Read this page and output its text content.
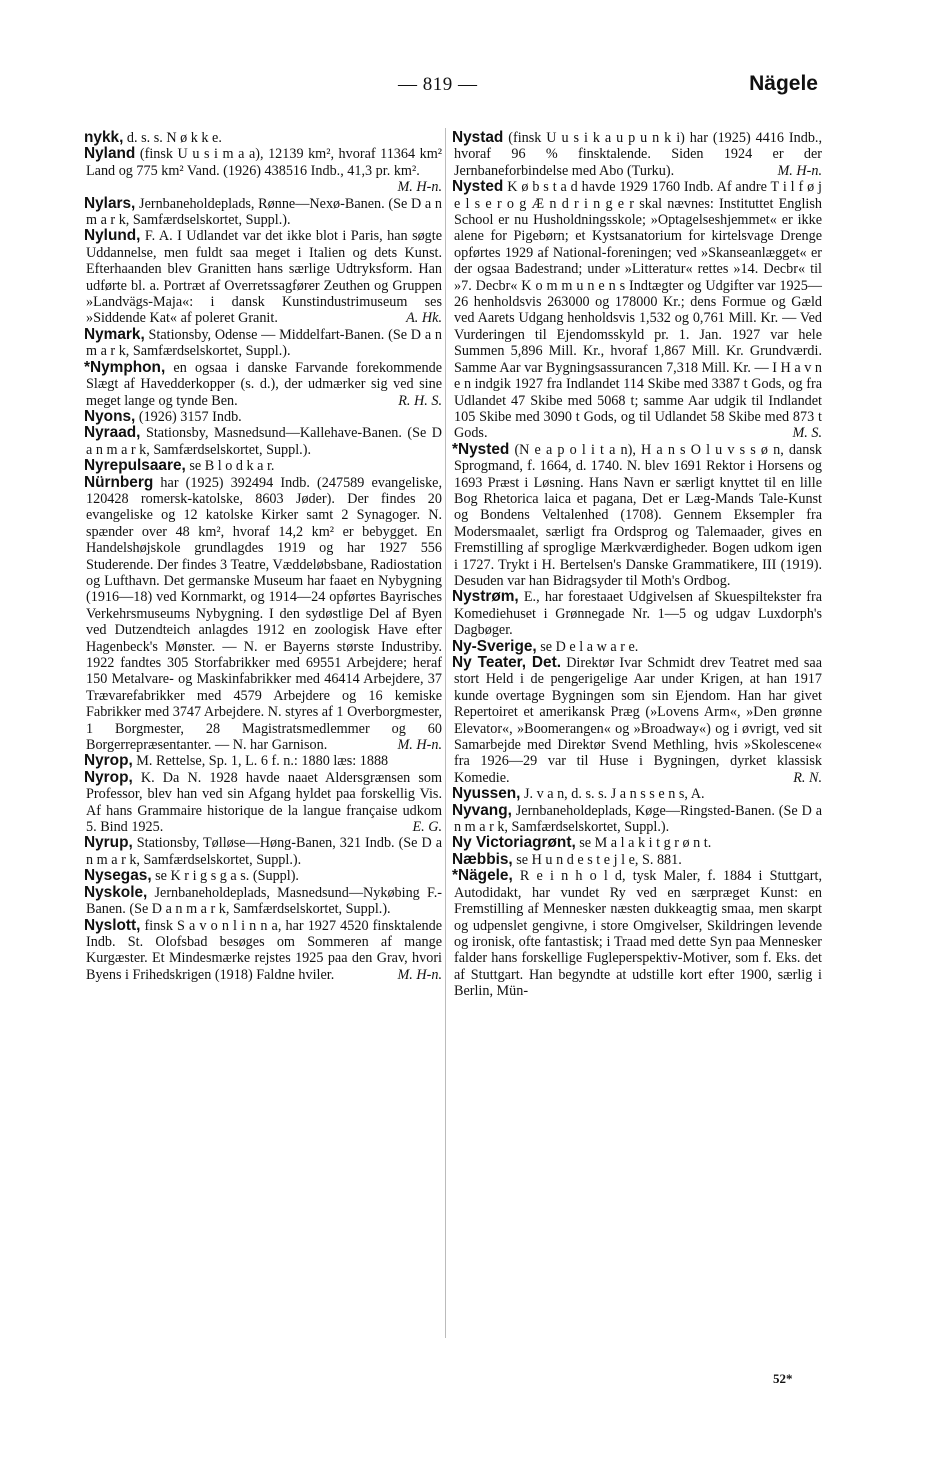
— 819 —	Nägele

nykk, d. s. s. N ø k k e.

Nyland (finsk U u s i m a a), 12139 km², hvoraf 11364 km² Land og 775 km² Vand. (1926) 438516 Indb., 41,3 pr. km².
M. H-n.

Nylars, Jernbaneholdeplads, Rønne—Nexø-Banen. (Se D a n m a r k, Samfærdselskortet, Suppl.).

Nylund, F. A. I Udlandet var det ikke blot i Paris, han søgte Uddannelse, men fuldt saa meget i Italien og dets Kunst. Efterhaanden blev Granitten hans særlige Udtryksform. Han udførte bl. a. Portræt af Overretssagfører Zeuthen og Gruppen »Landvägs-Maja«: i dansk Kunstindustrimuseum ses »Siddende Kat« af poleret Granit.	A. Hk.

Nymark, Stationsby, Odense — Middelfart-Banen. (Se D a n m a r k, Samfærdselskortet, Suppl.).

*Nymphon, en ogsaa i danske Farvande forekommende Slægt af Havedderkopper (s. d.), der udmærker sig ved sine meget lange og tynde Ben.	R. H. S.

Nyons, (1926) 3157 Indb.

Nyraad, Stationsby, Masnedsund—Kallehave-Banen. (Se D a n m a r k, Samfærdselskortet, Suppl.).

Nyrepulsaare, se B l o d k a r.

Nürnberg har (1925) 392494 Indb. (247589 evangeliske, 120428 romersk-katolske, 8603 Jøder). Der findes 20 evangeliske og 12 katolske Kirker samt 2 Synagoger. N. spænder over 48 km², hvoraf 14,2 km² er bebygget. En Handelshøjskole grundlagdes 1919 og har 1927 556 Studerende. Der findes 3 Teatre, Væddeløbsbane, Radiostation og Lufthavn. Det germanske Museum har faaet en Nybygning (1916—18) ved Kornmarkt, og 1914—24 opførtes Bayrisches Verkehrsmuseums Nybygning. I den sydøstlige Del af Byen ved Dutzendteich anlagdes 1912 en zoologisk Have efter Hagenbeck's Mønster. — N. er Bayerns største Industriby. 1922 fandtes 305 Storfabrikker med 69551 Arbejdere; heraf 150 Metalvare- og Maskinfabrikker med 46414 Arbejdere, 37 Trævarefabrikker med 4579 Arbejdere og 16 kemiske Fabrikker med 3747 Arbejdere. N. styres af 1 Overborgmester, 1 Borgmester, 28 Magistratsmedlemmer og 60 Borgerrepræsentanter. — N. har Garnison.	M. H-n.

Nyrop, M. Rettelse, Sp. 1, L. 6 f. n.: 1880 læs: 1888

Nyrop, K. Da N. 1928 havde naaet Aldersgrænsen som Professor, blev han ved sin Afgang hyldet paa forskellig Vis. Af hans Grammaire historique de la langue française udkom 5. Bind 1925.	E. G.

Nyrup, Stationsby, Tølløse—Høng-Banen, 321 Indb. (Se D a n m a r k, Samfærdselskortet, Suppl.).

Nysegas, se K r i g s g a s. (Suppl).

Nyskole, Jernbaneholdeplads, Masnedsund—Nykøbing F.- Banen. (Se D a n m a r k, Samfærdselskortet, Suppl.).

Nyslott, finsk S a v o n l i n n a, har 1927 4520 finsktalende Indb. St. Olofsbad besøges om Sommeren af mange Kurgæster. Et Mindesmærke rejstes 1925 paa den Grav, hvori Byens i Frihedskrigen (1918) Faldne hviler.	M. H-n.

Nystad (finsk U u s i k a u p u n k i) har (1925) 4416 Indb., hvoraf 96 % finsktalende. Siden 1924 er der Jernbaneforbindelse med Abo (Turku).	M. H-n.

Nysted K ø b s t a d havde 1929 1760 Indb. Af andre T i l f ø j e l s e r o g Æ n d r i n g e r skal nævnes: Instituttet English School er nu Husholdningsskole; »Optagelseshjemmet« er ikke alene for Pigebørn; et Kystsanatorium for kirtelsvage Drenge opførtes 1929 af National-foreningen; ved »Skanseanlægget« er der ogsaa Badestrand; under »Litteratur« rettes »14. Decbr« til »7. Decbr« K o m m u n e n s Indtægter og Udgifter var 1925—26 henholdsvis 263000 og 178000 Kr.; dens Formue og Gæld ved Aarets Udgang henholdsvis 1,532 og 0,761 Mill. Kr. — Ved Vurderingen til Ejendomsskyld pr. 1. Jan. 1927 var hele Summen 5,896 Mill. Kr., hvoraf 1,867 Mill. Kr. Grundværdi. Samme Aar var Bygningsassurancen 7,318 Mill. Kr. — I H a v n e n indgik 1927 fra Indlandet 114 Skibe med 3387 t Gods, og fra Udlandet 47 Skibe med 5068 t; samme Aar udgik til Indlandet 105 Skibe med 3090 t Gods, og til Udlandet 58 Skibe med 873 t Gods.	M. S.

*Nysted (N e a p o l i t a n), H a n s O l u v s s ø n, dansk Sprogmand, f. 1664, d. 1740. N. blev 1691 Rektor i Horsens og 1693 Præst i Løsning. Hans Navn er særligt knyttet til en lille Bog Rhetorica laica et pagana, Det er Læg-Mands Tale-Kunst og Bondens Veltalenhed (1708). Gennem Eksempler fra Modersmaalet, særligt fra Ordsprog og Talemaader, gives en Fremstilling af sproglige Mærkværdigheder. Bogen udkom igen i 1727. Trykt i H. Bertelsen's Danske Grammatikere, III (1919). Desuden var han Bidragsyder til Moth's Ordbog.

Nystrøm, E., har forestaaet Udgivelsen af Skuespiltekster fra Komediehuset i Grønnegade Nr. 1—5 og udgav Luxdorph's Dagbøger.

Ny-Sverige, se D e l a w a r e.

Ny Teater, Det. Direktør Ivar Schmidt drev Teatret med saa stort Held i de pengerigelige Aar under Krigen, at han 1917 kunde overtage Bygningen som sin Ejendom. Han har givet Repertoiret et amerikansk Præg (»Lovens Arm«, »Den grønne Elevator«, »Boomerangen« og »Broadway«) og i øvrigt, ved sit Samarbejde med Direktør Svend Methling, hvis »Skolescene« fra 1926—29 var til Huse i Bygningen, dyrket klassisk Komedie.	R. N.

Nyussen, J. v a n, d. s. s. J a n s s e n s, A.

Nyvang, Jernbaneholdeplads, Køge—Ringsted-Banen. (Se D a n m a r k, Samfærdselskortet, Suppl.).

Ny Victoriagrønt, se M a l a k i t g r ø n t.

Næbbis, se H u n d e s t e j l e, S. 881.

*Nägele, R e i n h o l d, tysk Maler, f. 1884 i Stuttgart, Autodidakt, har vundet Ry ved en særpræget Kunst: en Fremstilling af Mennesker næsten dukkeagtig smaa, men skarpt og udpenslet gengivne, i store Omgivelser, Skildringen levende og ironisk, ofte fantastisk; i Traad med dette Syn paa Mennesker falder hans forskellige Fugleperspektiv-Motiver, som f. Eks. det af Stuttgart. Han begyndte at udstille kort efter 1900, særlig i Berlin, Mün-

52*
